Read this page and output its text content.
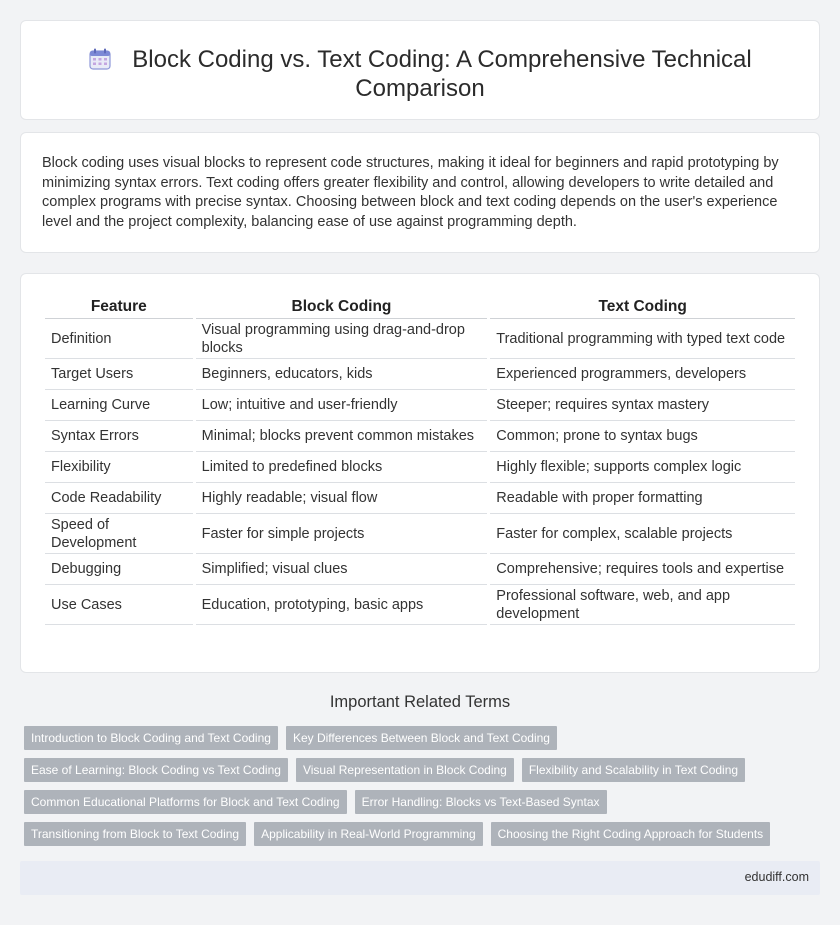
Block Coding vs. Text Coding: A Comprehensive Technical Comparison

Block coding uses visual blocks to represent code structures, making it ideal for beginners and rapid prototyping by minimizing syntax errors. Text coding offers greater flexibility and control, allowing developers to write detailed and complex programs with precise syntax. Choosing between block and text coding depends on the user's experience level and the project complexity, balancing ease of use against programming depth.

Feature	Block Coding	Text Coding
Definition	Visual programming using drag-and-drop blocks	Traditional programming with typed text code
Target Users	Beginners, educators, kids	Experienced programmers, developers
Learning Curve	Low; intuitive and user-friendly	Steeper; requires syntax mastery
Syntax Errors	Minimal; blocks prevent common mistakes	Common; prone to syntax bugs
Flexibility	Limited to predefined blocks	Highly flexible; supports complex logic
Code Readability	Highly readable; visual flow	Readable with proper formatting
Speed of Development	Faster for simple projects	Faster for complex, scalable projects
Debugging	Simplified; visual clues	Comprehensive; requires tools and expertise
Use Cases	Education, prototyping, basic apps	Professional software, web, and app development
Important Related Terms
Introduction to Block Coding and Text Coding	Key Differences Between Block and Text Coding
Ease of Learning: Block Coding vs Text Coding	Visual Representation in Block Coding	Flexibility and Scalability in Text Coding
Common Educational Platforms for Block and Text Coding	Error Handling: Blocks vs Text-Based Syntax
Transitioning from Block to Text Coding	Applicability in Real-World Programming	Choosing the Right Coding Approach for Students
edudiff.com
